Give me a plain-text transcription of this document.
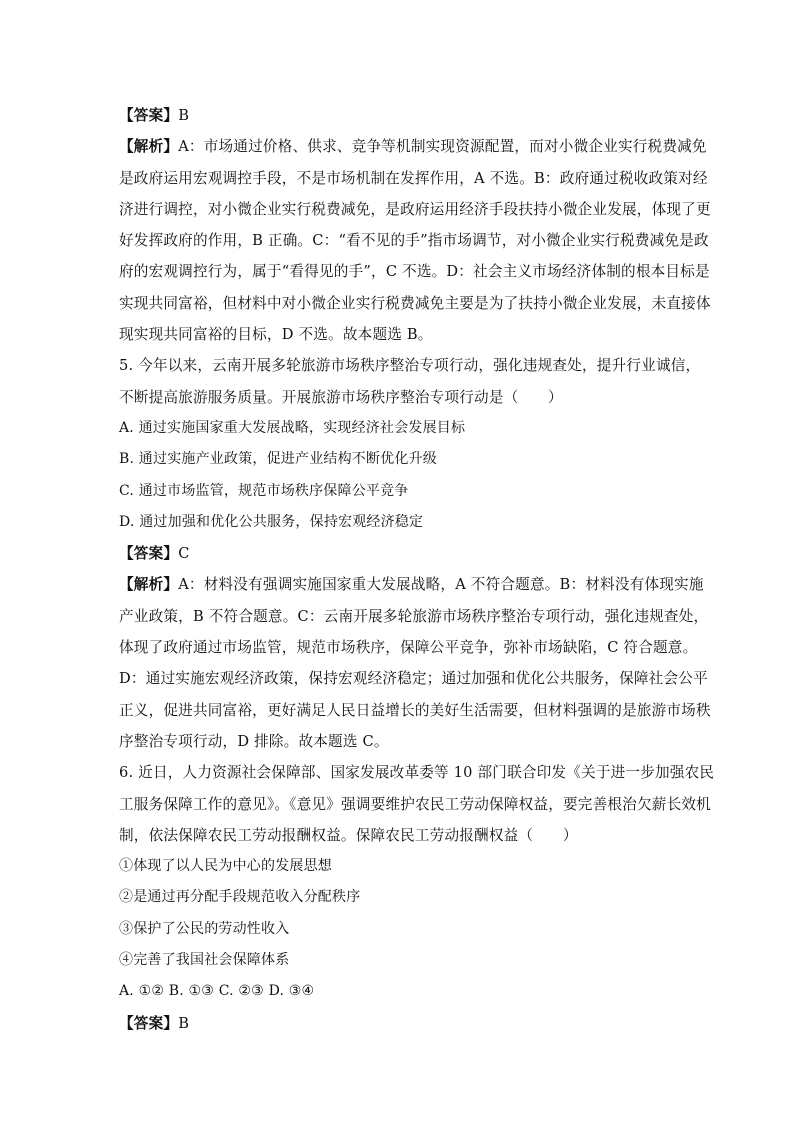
【答案】B
【解析】A：市场通过价格、供求、竞争等机制实现资源配置，而对小微企业实行税费减免
是政府运用宏观调控手段，不是市场机制在发挥作用，A 不选。B：政府通过税收政策对经
济进行调控，对小微企业实行税费减免，是政府运用经济手段扶持小微企业发展，体现了更
好发挥政府的作用，B 正确。C：“看不见的手”指市场调节，对小微企业实行税费减免是政
府的宏观调控行为，属于“看得见的手”，C 不选。D：社会主义市场经济体制的根本目标是
实现共同富裕，但材料中对小微企业实行税费减免主要是为了扶持小微企业发展，未直接体
现实现共同富裕的目标，D 不选。故本题选 B。
5. 今年以来，云南开展多轮旅游市场秩序整治专项行动，强化违规查处，提升行业诚信，
不断提高旅游服务质量。开展旅游市场秩序整治专项行动是（　　）
A. 通过实施国家重大发展战略，实现经济社会发展目标
B. 通过实施产业政策，促进产业结构不断优化升级
C. 通过市场监管，规范市场秩序保障公平竞争
D. 通过加强和优化公共服务，保持宏观经济稳定
【答案】C
【解析】A：材料没有强调实施国家重大发展战略，A 不符合题意。B：材料没有体现实施
产业政策，B 不符合题意。C：云南开展多轮旅游市场秩序整治专项行动，强化违规查处，
体现了政府通过市场监管，规范市场秩序，保障公平竞争，弥补市场缺陷，C 符合题意。
D：通过实施宏观经济政策，保持宏观经济稳定；通过加强和优化公共服务，保障社会公平
正义，促进共同富裕，更好满足人民日益增长的美好生活需要，但材料强调的是旅游市场秩
序整治专项行动，D 排除。故本题选 C。
6. 近日，人力资源社会保障部、国家发展改革委等 10 部门联合印发《关于进一步加强农民
工服务保障工作的意见》。《意见》强调要维护农民工劳动保障权益，要完善根治欠薪长效机
制，依法保障农民工劳动报酬权益。保障农民工劳动报酬权益（　　）
①体现了以人民为中心的发展思想
②是通过再分配手段规范收入分配秩序
③保护了公民的劳动性收入
④完善了我国社会保障体系
A. ①② B. ①③ C. ②③ D. ③④
【答案】B
